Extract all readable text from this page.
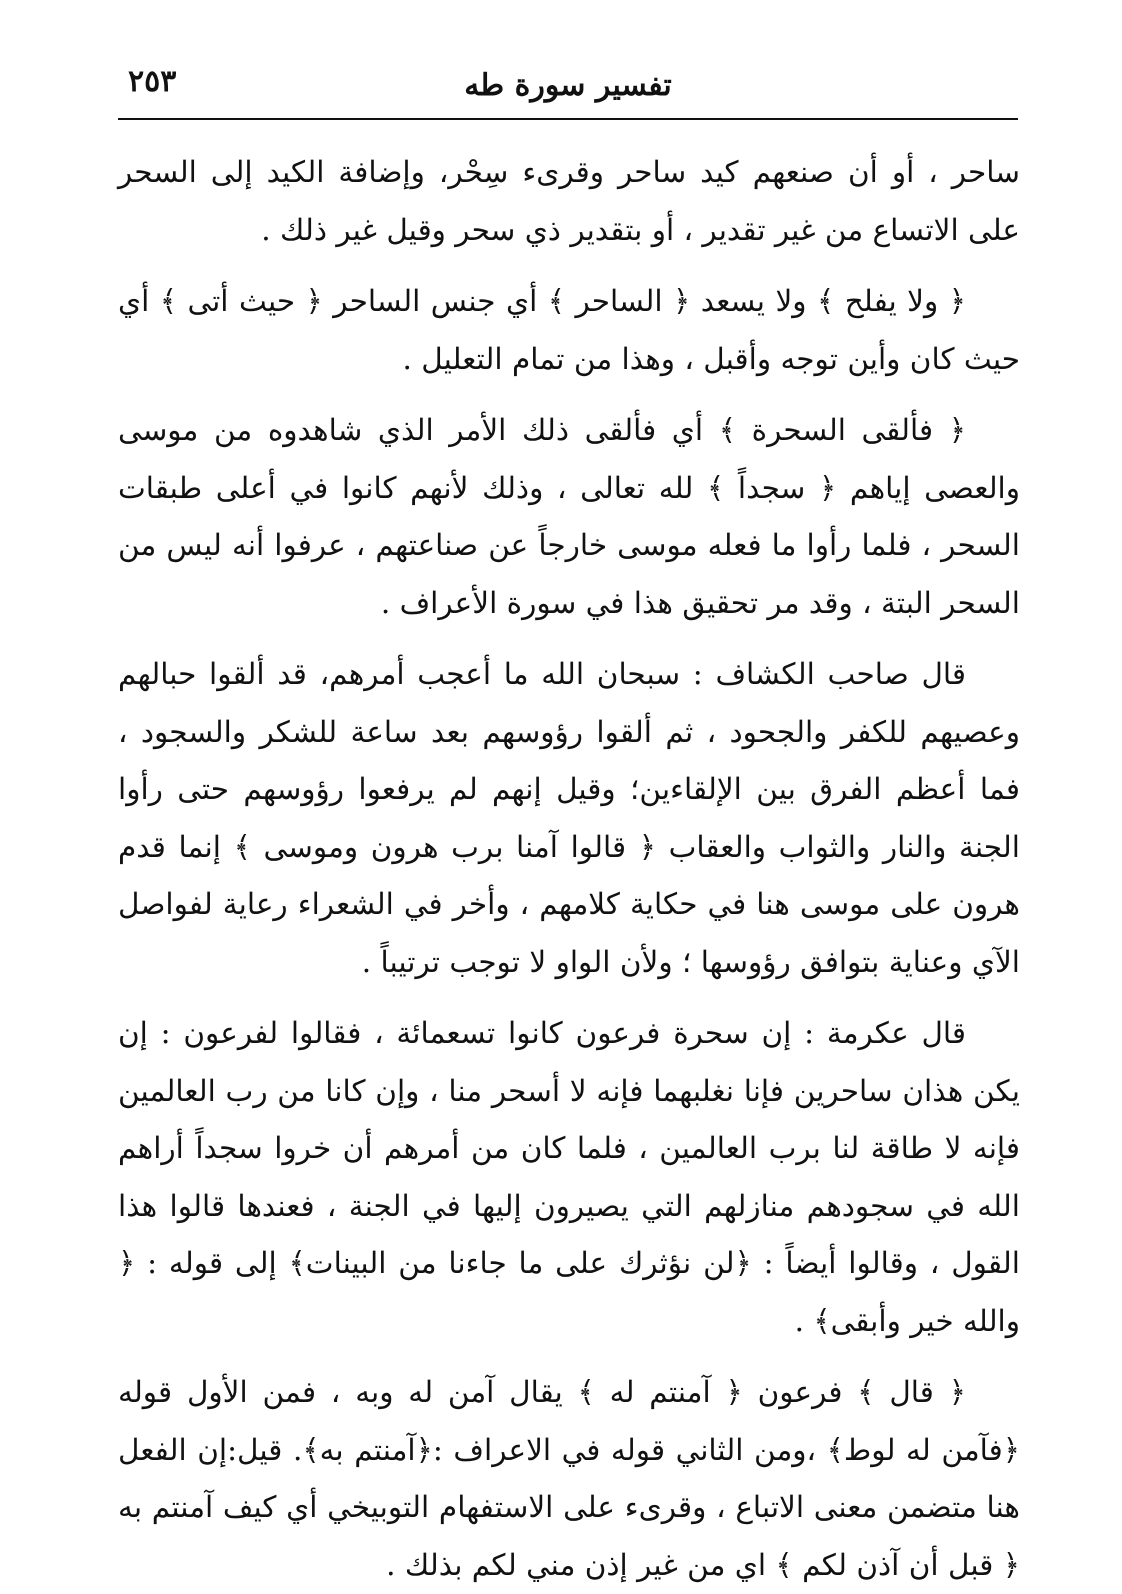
٢٥٣	تفسير سورة طه

ساحر ، أو أن صنعهم كيد ساحر وقرىء سِحْر، وإضافة الكيد إلى السحر على الاتساع من غير تقدير ، أو بتقدير ذي سحر وقيل غير ذلك .

﴿ ولا يفلح ﴾ ولا يسعد ﴿ الساحر ﴾ أي جنس الساحر ﴿ حيث أتى ﴾ أي حيث كان وأين توجه وأقبل ، وهذا من تمام التعليل .

﴿ فألقى السحرة ﴾ أي فألقى ذلك الأمر الذي شاهدوه من موسى والعصى إياهم ﴿ سجداً ﴾ لله تعالى ، وذلك لأنهم كانوا في أعلى طبقات السحر ، فلما رأوا ما فعله موسى خارجاً عن صناعتهم ، عرفوا أنه ليس من السحر البتة ، وقد مر تحقيق هذا في سورة الأعراف .

قال صاحب الكشاف : سبحان الله ما أعجب أمرهم، قد ألقوا حبالهم وعصيهم للكفر والجحود ، ثم ألقوا رؤوسهم بعد ساعة للشكر والسجود ، فما أعظم الفرق بين الإلقاءين؛ وقيل إنهم لم يرفعوا رؤوسهم حتى رأوا الجنة والنار والثواب والعقاب ﴿ قالوا آمنا برب هرون وموسى ﴾ إنما قدم هرون على موسى هنا في حكاية كلامهم ، وأخر في الشعراء رعاية لفواصل الآي وعناية بتوافق رؤوسها ؛ ولأن الواو لا توجب ترتيباً .

قال عكرمة : إن سحرة فرعون كانوا تسعمائة ، فقالوا لفرعون : إن يكن هذان ساحرين فإنا نغلبهما فإنه لا أسحر منا ، وإن كانا من رب العالمين فإنه لا طاقة لنا برب العالمين ، فلما كان من أمرهم أن خروا سجداً أراهم الله في سجودهم منازلهم التي يصيرون إليها في الجنة ، فعندها قالوا هذا القول ، وقالوا أيضاً : ﴿لن نؤثرك على ما جاءنا من البينات﴾ إلى قوله : ﴿ والله خير وأبقى﴾ .

﴿ قال ﴾ فرعون ﴿ آمنتم له ﴾ يقال آمن له وبه ، فمن الأول قوله ﴿فآمن له لوط﴾ ،ومن الثاني قوله في الاعراف :﴿آمنتم به﴾. قيل:إن الفعل هنا متضمن معنى الاتباع ، وقرىء على الاستفهام التوبيخي أي كيف آمنتم به ﴿ قبل أن آذن لكم ﴾ اي من غير إذن مني لكم بذلك .
